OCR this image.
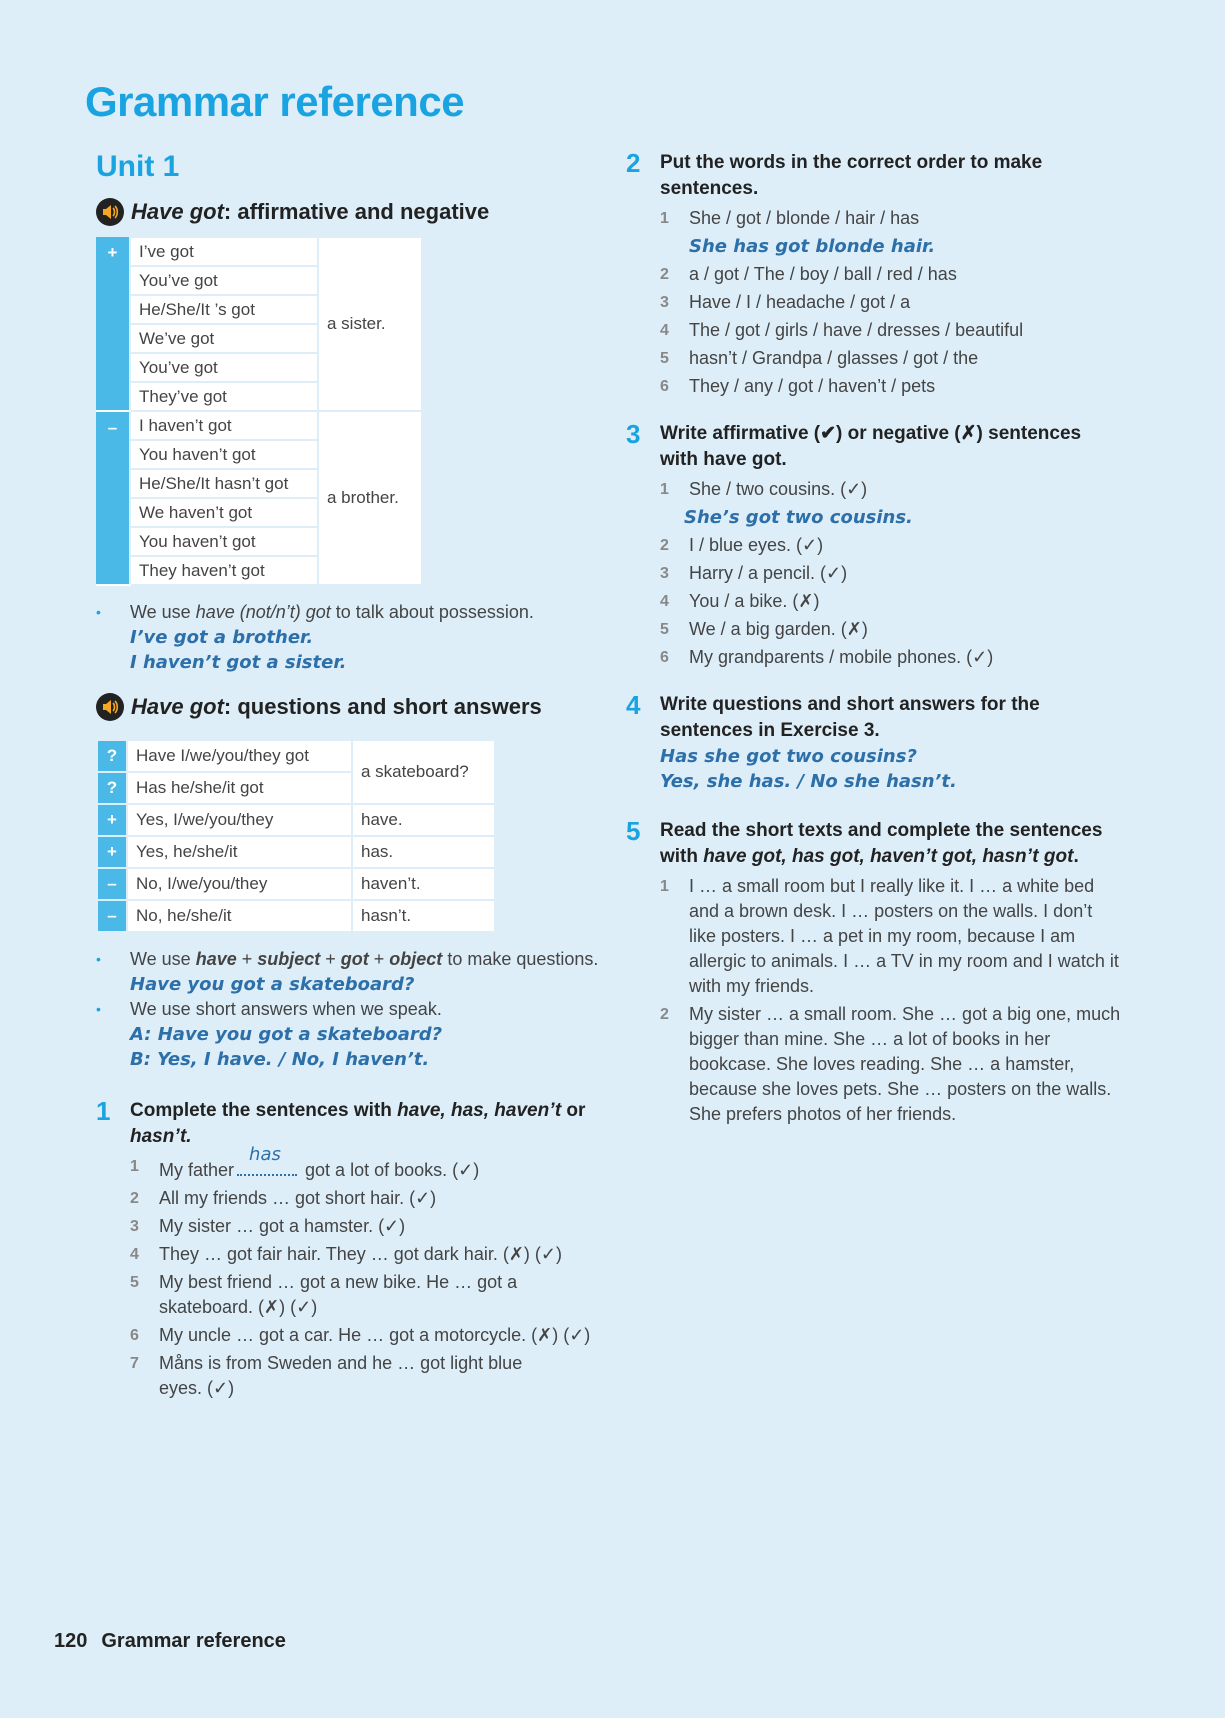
Grammar reference
Unit 1
Have got : affirmative and negative
+	I’ve got	a sister.
	You’ve got	
	He/She/It ’s got	
	We’ve got	
	You’ve got	
	They’ve got	
–	I haven’t got	a brother.
	You haven’t got	
	He/She/It hasn’t got	
	We haven’t got	
	You haven’t got	
	They haven’t got	
• We use have (not/n’t) got to talk about possession.
I’ve got a brother.
I haven’t got a sister.
Have got : questions and short answers
?	Have I/we/you/they got	a skateboard?
?	Has he/she/it got	
+	Yes, I/we/you/they	have.
+	Yes, he/she/it	has.
–	No, I/we/you/they	haven’t.
–	No, he/she/it	hasn’t.
• We use have + subject + got + object to make questions.
Have you got a skateboard?
• We use short answers when we speak.
A: Have you got a skateboard?
B: Yes, I have. / No, I haven’t.
1	Complete the sentences with have, has, haven’t or hasn’t.
1	My father
has
got a lot of books. (✓)
2	All my friends … got short hair. (✓)
3	My sister … got a hamster. (✓)
4	They … got fair hair. They … got dark hair. (✗) (✓)
5	My best friend … got a new bike. He … got a skateboard. (✗) (✓)
6	My uncle … got a car. He … got a motorcycle. (✗) (✓)
7	Måns is from Sweden and he … got light blue eyes. (✓)
2	Put the words in the correct order to make sentences.
1	She / got / blonde / hair / has
She has got blonde hair.
2	a / got / The / boy / ball / red / has
3	Have / I / headache / got / a
4	The / got / girls / have / dresses / beautiful
5	hasn’t / Grandpa / glasses / got / the
6	They / any / got / haven’t / pets
3	Write affirmative (✔) or negative (✗) sentences with have got.
1	She / two cousins. (✓)
She’s got two cousins.
2	I / blue eyes. (✓)
3	Harry / a pencil. (✓)
4	You / a bike. (✗)
5	We / a big garden. (✗)
6	My grandparents / mobile phones. (✓)
4	Write questions and short answers for the sentences in Exercise 3.
Has she got two cousins?
Yes, she has. / No she hasn’t.
5	Read the short texts and complete the sentences with have got, has got, haven’t got, hasn’t got.
1	I … a small room but I really like it. I … a white bed and a brown desk. I … posters on the walls. I don’t like posters. I … a pet in my room, because I am allergic to animals. I … a TV in my room and I watch it with my friends.
2	My sister … a small room. She … got a big one, much bigger than mine. She … a lot of books in her bookcase. She loves reading. She … a hamster, because she loves pets. She … posters on the walls. She prefers photos of her friends.
120 Grammar reference
